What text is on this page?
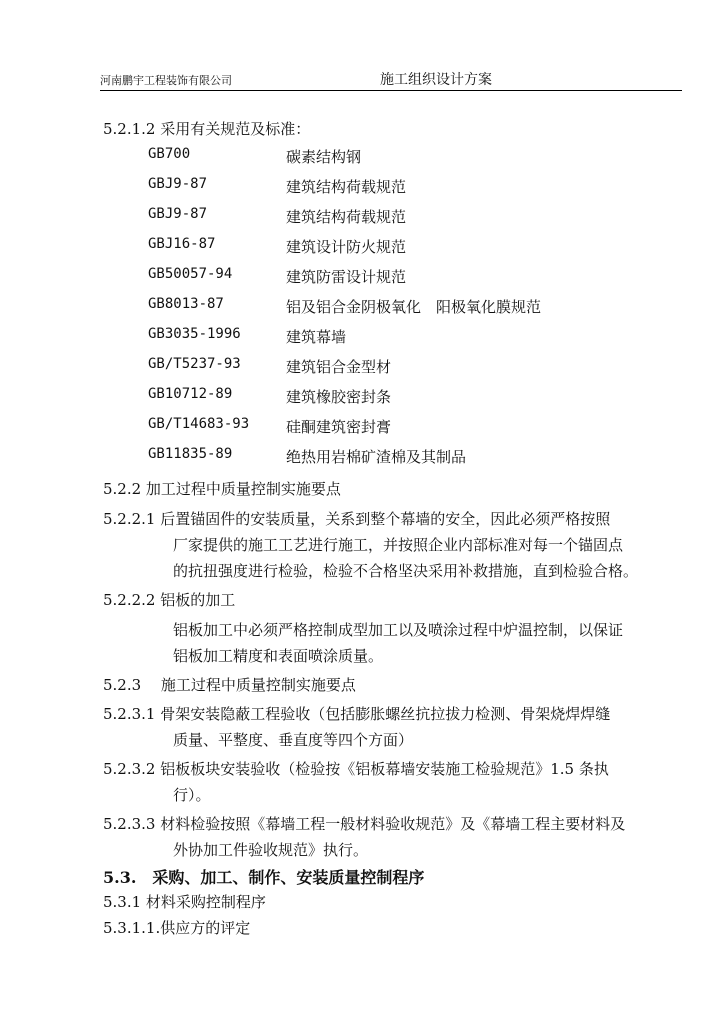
河南鹏宇工程装饰有限公司	施工组织设计方案
5.2.1.2 采用有关规范及标准：
GB700	碳素结构钢
GBJ9-87	建筑结构荷载规范
GBJ9-87	建筑结构荷载规范
GBJ16-87	建筑设计防火规范
GB50057-94	建筑防雷设计规范
GB8013-87	铝及铝合金阴极氧化　阳极氧化膜规范
GB3035-1996	建筑幕墙
GB/T5237-93	建筑铝合金型材
GB10712-89	建筑橡胶密封条
GB/T14683-93 硅酮建筑密封膏
GB11835-89	绝热用岩棉矿渣棉及其制品
5.2.2 加工过程中质量控制实施要点
5.2.2.1 后置锚固件的安装质量，关系到整个幕墙的安全，因此必须严格按照
厂家提供的施工工艺进行施工，并按照企业内部标准对每一个锚固点
的抗扭强度进行检验，检验不合格坚决采用补救措施，直到检验合格。
5.2.2.2 铝板的加工
铝板加工中必须严格控制成型加工以及喷涂过程中炉温控制，以保证
铝板加工精度和表面喷涂质量。
5.2.3　 施工过程中质量控制实施要点
5.2.3.1 骨架安装隐蔽工程验收（包括膨胀螺丝抗拉拔力检测、骨架烧焊焊缝
质量、平整度、垂直度等四个方面）
5.2.3.2 铝板板块安装验收（检验按《铝板幕墙安装施工检验规范》1.5 条执
行）。
5.2.3.3 材料检验按照《幕墙工程一般材料验收规范》及《幕墙工程主要材料及
外协加工件验收规范》执行。
5.3.　采购、加工、制作、安装质量控制程序
5.3.1 材料采购控制程序
5.3.1.1.供应方的评定
